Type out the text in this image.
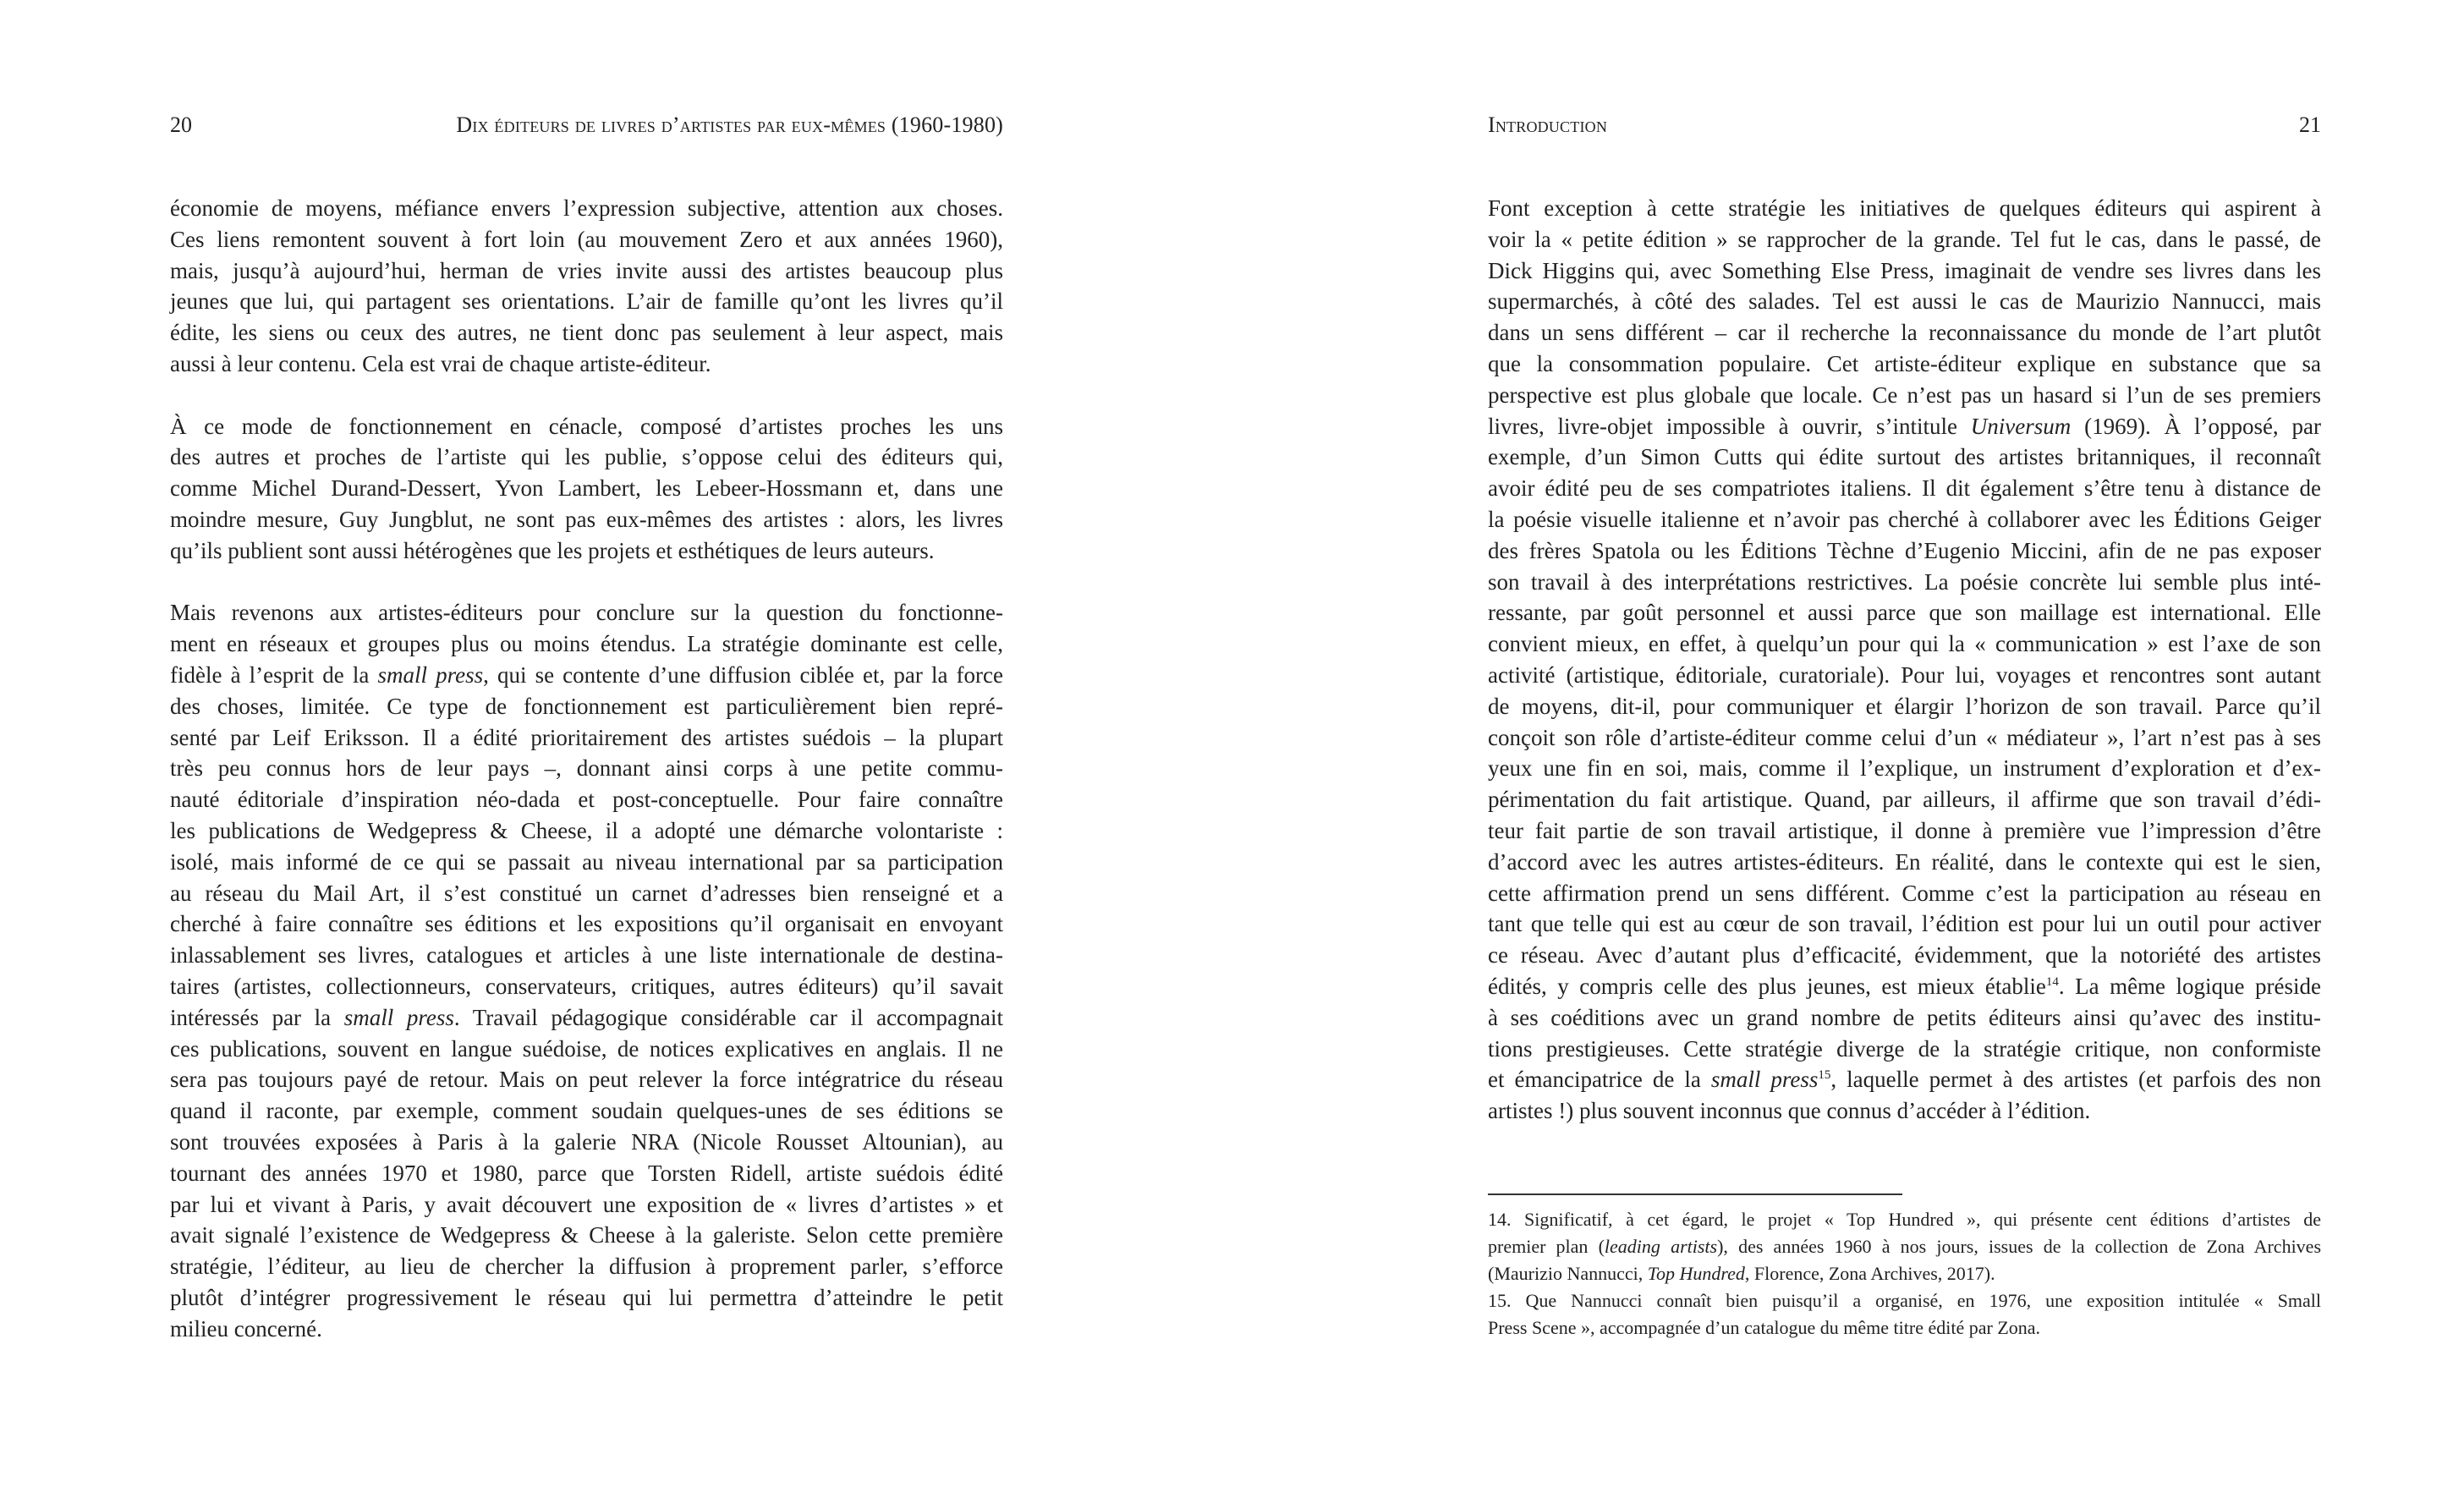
20	Dix éditeurs de livres d’artistes par eux-mêmes (1960-1980)
économie de moyens, méfiance envers l’expression subjective, attention aux choses.
Ces liens remontent souvent à fort loin (au mouvement Zero et aux années 1960),
mais, jusqu’à aujourd’hui, herman de vries invite aussi des artistes beaucoup plus
jeunes que lui, qui partagent ses orientations. L’air de famille qu’ont les livres qu’il
édite, les siens ou ceux des autres, ne tient donc pas seulement à leur aspect, mais
aussi à leur contenu. Cela est vrai de chaque artiste-éditeur.
À ce mode de fonctionnement en cénacle, composé d’artistes proches les uns
des autres et proches de l’artiste qui les publie, s’oppose celui des éditeurs qui,
comme Michel Durand-Dessert, Yvon Lambert, les Lebeer-Hossmann et, dans une
moindre mesure, Guy Jungblut, ne sont pas eux-mêmes des artistes : alors, les livres
qu’ils publient sont aussi hétérogènes que les projets et esthétiques de leurs auteurs.
Mais revenons aux artistes-éditeurs pour conclure sur la question du fonctionne-
ment en réseaux et groupes plus ou moins étendus. La stratégie dominante est celle,
fidèle à l’esprit de la small press, qui se contente d’une diffusion ciblée et, par la force
des choses, limitée. Ce type de fonctionnement est particulièrement bien repré-
senté par Leif Eriksson. Il a édité prioritairement des artistes suédois – la plupart
très peu connus hors de leur pays –, donnant ainsi corps à une petite commu-
nauté éditoriale d’inspiration néo-dada et post-conceptuelle. Pour faire connaître
les publications de Wedgepress & Cheese, il a adopté une démarche volontariste :
isolé, mais informé de ce qui se passait au niveau international par sa participation
au réseau du Mail Art, il s’est constitué un carnet d’adresses bien renseigné et a
cherché à faire connaître ses éditions et les expositions qu’il organisait en envoyant
inlassablement ses livres, catalogues et articles à une liste internationale de destina-
taires (artistes, collectionneurs, conservateurs, critiques, autres éditeurs) qu’il savait
intéressés par la small press. Travail pédagogique considérable car il accompagnait
ces publications, souvent en langue suédoise, de notices explicatives en anglais. Il ne
sera pas toujours payé de retour. Mais on peut relever la force intégratrice du réseau
quand il raconte, par exemple, comment soudain quelques-unes de ses éditions se
sont trouvées exposées à Paris à la galerie NRA (Nicole Rousset Altounian), au
tournant des années 1970 et 1980, parce que Torsten Ridell, artiste suédois édité
par lui et vivant à Paris, y avait découvert une exposition de « livres d’artistes » et
avait signalé l’existence de Wedgepress & Cheese à la galeriste. Selon cette première
stratégie, l’éditeur, au lieu de chercher la diffusion à proprement parler, s’efforce
plutôt d’intégrer progressivement le réseau qui lui permettra d’atteindre le petit
milieu concerné.
Introduction	21
Font exception à cette stratégie les initiatives de quelques éditeurs qui aspirent à
voir la « petite édition » se rapprocher de la grande. Tel fut le cas, dans le passé, de
Dick Higgins qui, avec Something Else Press, imaginait de vendre ses livres dans les
supermarchés, à côté des salades. Tel est aussi le cas de Maurizio Nannucci, mais
dans un sens différent – car il recherche la reconnaissance du monde de l’art plutôt
que la consommation populaire. Cet artiste-éditeur explique en substance que sa
perspective est plus globale que locale. Ce n’est pas un hasard si l’un de ses premiers
livres, livre-objet impossible à ouvrir, s’intitule Universum (1969). À l’opposé, par
exemple, d’un Simon Cutts qui édite surtout des artistes britanniques, il reconnaît
avoir édité peu de ses compatriotes italiens. Il dit également s’être tenu à distance de
la poésie visuelle italienne et n’avoir pas cherché à collaborer avec les Éditions Geiger
des frères Spatola ou les Éditions Tèchne d’Eugenio Miccini, afin de ne pas exposer
son travail à des interprétations restrictives. La poésie concrète lui semble plus inté-
ressante, par goût personnel et aussi parce que son maillage est international. Elle
convient mieux, en effet, à quelqu’un pour qui la « communication » est l’axe de son
activité (artistique, éditoriale, curatoriale). Pour lui, voyages et rencontres sont autant
de moyens, dit-il, pour communiquer et élargir l’horizon de son travail. Parce qu’il
conçoit son rôle d’artiste-éditeur comme celui d’un « médiateur », l’art n’est pas à ses
yeux une fin en soi, mais, comme il l’explique, un instrument d’exploration et d’ex-
périmentation du fait artistique. Quand, par ailleurs, il affirme que son travail d’édi-
teur fait partie de son travail artistique, il donne à première vue l’impression d’être
d’accord avec les autres artistes-éditeurs. En réalité, dans le contexte qui est le sien,
cette affirmation prend un sens différent. Comme c’est la participation au réseau en
tant que telle qui est au cœur de son travail, l’édition est pour lui un outil pour activer
ce réseau. Avec d’autant plus d’efficacité, évidemment, que la notoriété des artistes
édités, y compris celle des plus jeunes, est mieux établie$^{14}$. La même logique préside
à ses coéditions avec un grand nombre de petits éditeurs ainsi qu’avec des institu-
tions prestigieuses. Cette stratégie diverge de la stratégie critique, non conformiste
et émancipatrice de la small press$^{15}$, laquelle permet à des artistes (et parfois des non
artistes !) plus souvent inconnus que connus d’accéder à l’édition.
14. Significatif, à cet égard, le projet « Top Hundred », qui présente cent éditions d’artistes de
premier plan (leading artists), des années 1960 à nos jours, issues de la collection de Zona Archives
(Maurizio Nannucci, Top Hundred, Florence, Zona Archives, 2017).
15. Que Nannucci connaît bien puisqu’il a organisé, en 1976, une exposition intitulée « Small
Press Scene », accompagnée d’un catalogue du même titre édité par Zona.
